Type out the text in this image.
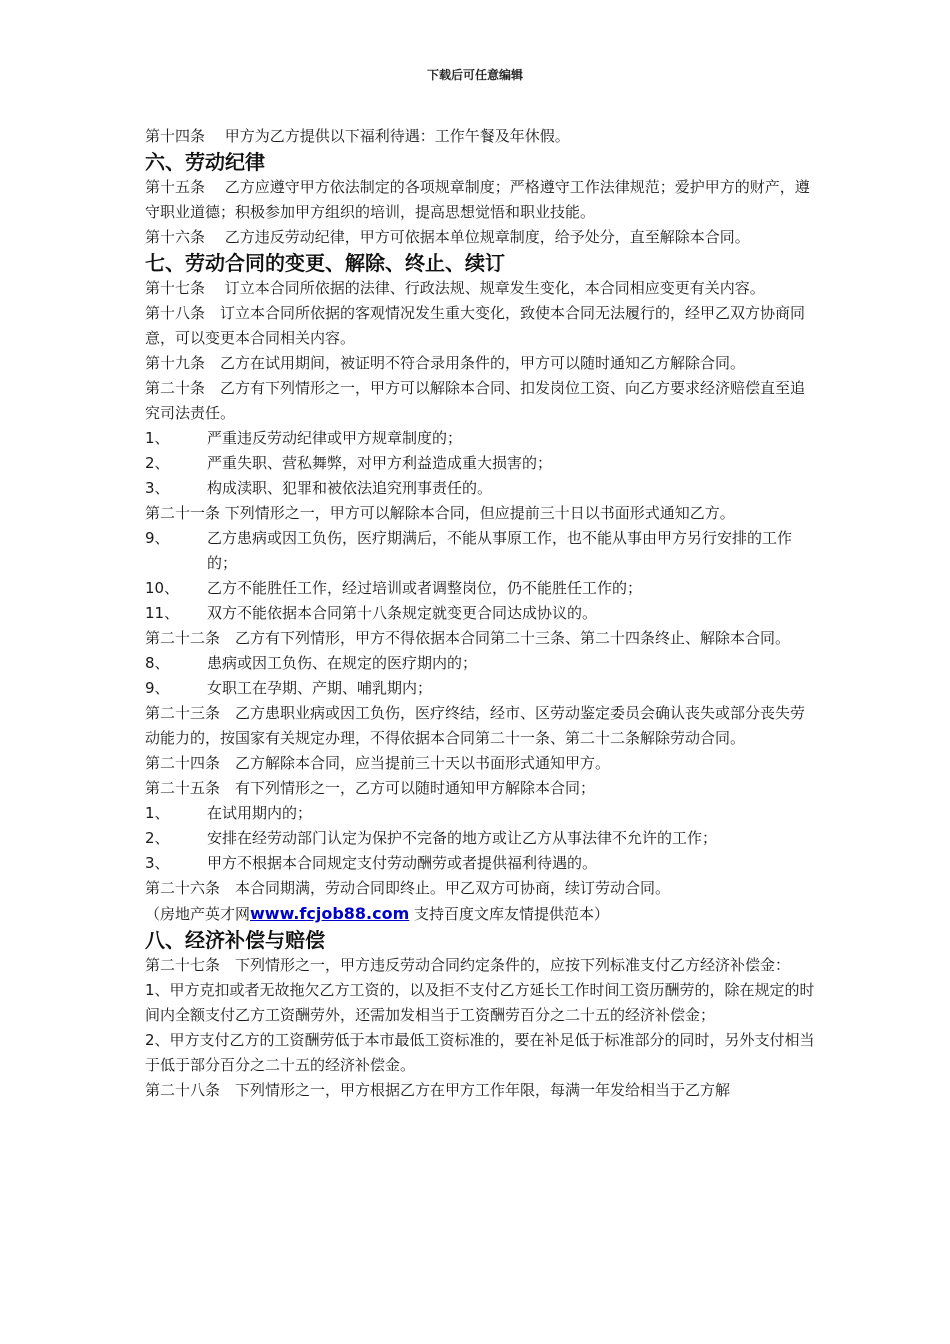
下载后可任意编辑

第十四条　 甲方为乙方提供以下福利待遇：工作午餐及年休假。

六、劳动纪律

第十五条　 乙方应遵守甲方依法制定的各项规章制度；严格遵守工作法律规范；爱护甲方的财产，遵守职业道德；积极参加甲方组织的培训，提高思想觉悟和职业技能。

第十六条　 乙方违反劳动纪律，甲方可依据本单位规章制度，给予处分，直至解除本合同。

七、劳动合同的变更、解除、终止、续订

第十七条　 订立本合同所依据的法律、行政法规、规章发生变化，本合同相应变更有关内容。

第十八条　订立本合同所依据的客观情况发生重大变化，致使本合同无法履行的，经甲乙双方协商同意，可以变更本合同相关内容。

第十九条　乙方在试用期间，被证明不符合录用条件的，甲方可以随时通知乙方解除合同。

第二十条　乙方有下列情形之一，甲方可以解除本合同、扣发岗位工资、向乙方要求经济赔偿直至追究司法责任。

1、	严重违反劳动纪律或甲方规章制度的；
2、	严重失职、营私舞弊，对甲方利益造成重大损害的；
3、	构成渎职、犯罪和被依法追究刑事责任的。

第二十一条 下列情形之一，甲方可以解除本合同，但应提前三十日以书面形式通知乙方。

9、	乙方患病或因工负伤，医疗期满后，不能从事原工作，也不能从事由甲方另行安排的工作的；
10、	乙方不能胜任工作，经过培训或者调整岗位，仍不能胜任工作的；
11、	双方不能依据本合同第十八条规定就变更合同达成协议的。

第二十二条　乙方有下列情形，甲方不得依据本合同第二十三条、第二十四条终止、解除本合同。

8、	患病或因工负伤、在规定的医疗期内的；
9、	女职工在孕期、产期、哺乳期内；

第二十三条　乙方患职业病或因工负伤，医疗终结，经市、区劳动鉴定委员会确认丧失或部分丧失劳动能力的，按国家有关规定办理，不得依据本合同第二十一条、第二十二条解除劳动合同。

第二十四条　乙方解除本合同，应当提前三十天以书面形式通知甲方。

第二十五条　有下列情形之一，乙方可以随时通知甲方解除本合同；

1、	在试用期内的；
2、	安排在经劳动部门认定为保护不完备的地方或让乙方从事法律不允许的工作；
3、	甲方不根据本合同规定支付劳动酬劳或者提供福利待遇的。

第二十六条　本合同期满，劳动合同即终止。甲乙双方可协商，续订劳动合同。

（房地产英才网www.fcjob88.com 支持百度文库友情提供范本）

八、经济补偿与赔偿

第二十七条　下列情形之一，甲方违反劳动合同约定条件的，应按下列标准支付乙方经济补偿金：

1、甲方克扣或者无故拖欠乙方工资的，以及拒不支付乙方延长工作时间工资历酬劳的，除在规定的时间内全额支付乙方工资酬劳外，还需加发相当于工资酬劳百分之二十五的经济补偿金；

2、甲方支付乙方的工资酬劳低于本市最低工资标准的，要在补足低于标准部分的同时，另外支付相当于低于部分百分之二十五的经济补偿金。

第二十八条　下列情形之一，甲方根据乙方在甲方工作年限，每满一年发给相当于乙方解
